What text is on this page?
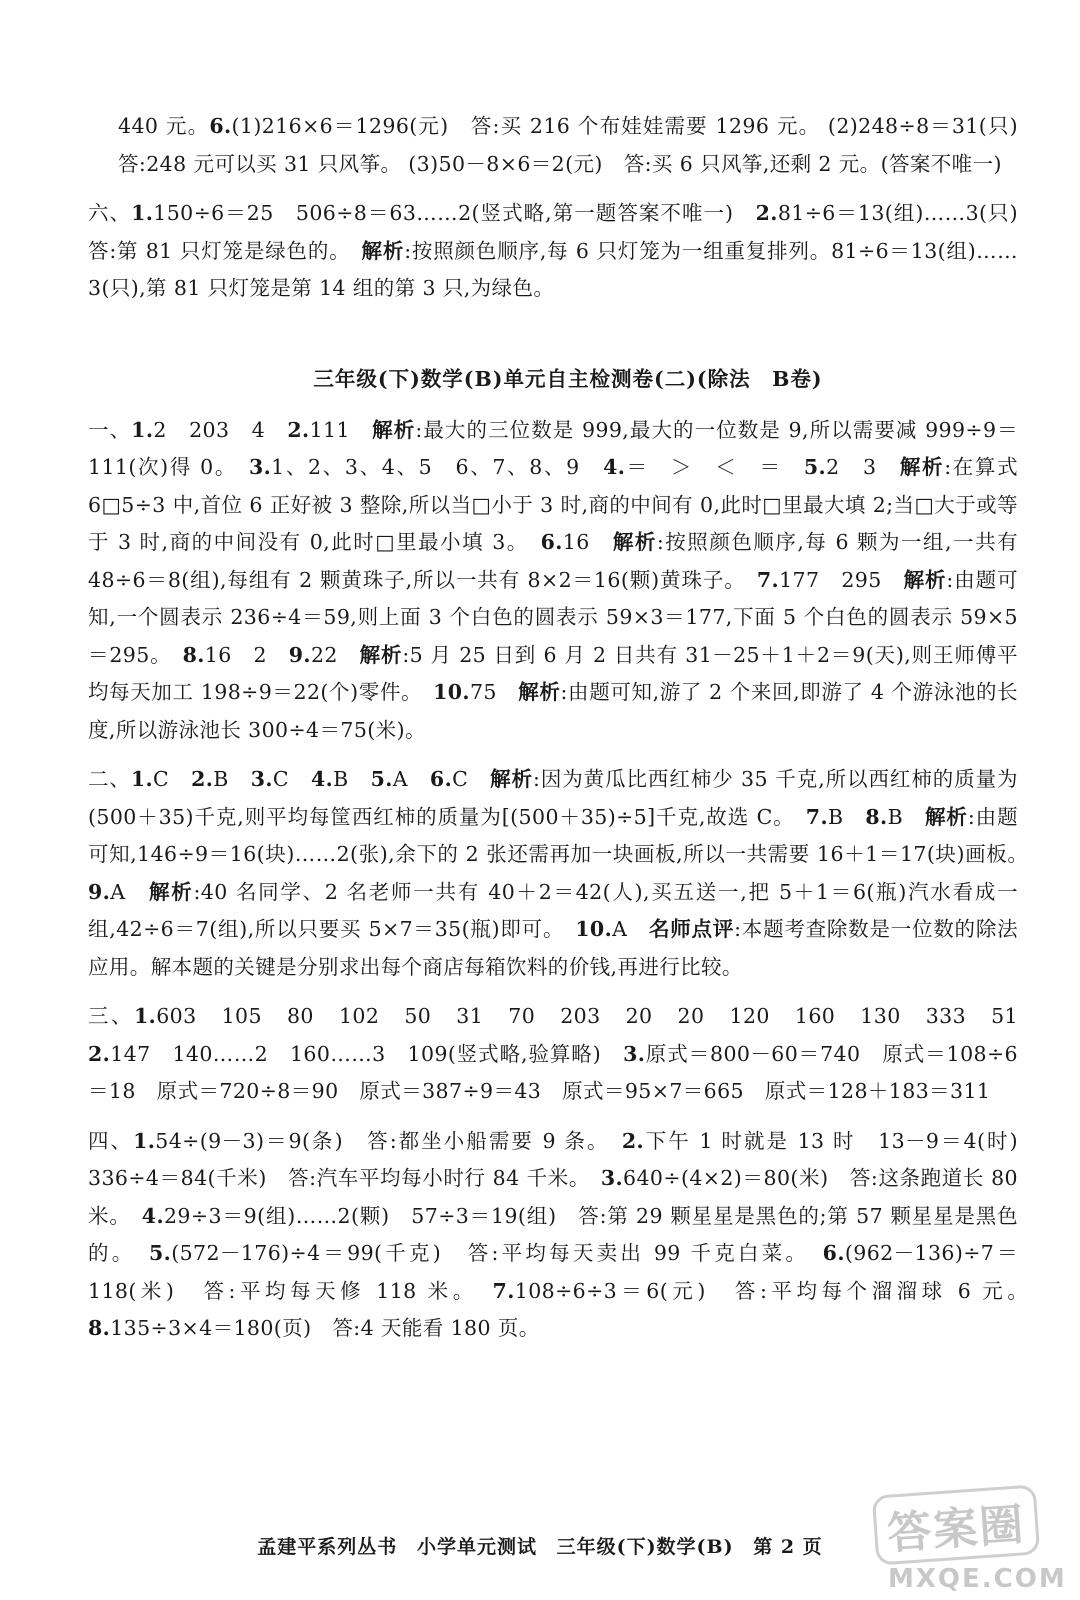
440 元。6.(1)216×6＝1296(元)　答:买 216 个布娃娃需要 1296 元。 (2)248÷8＝31(只)　答:248 元可以买 31 只风筝。 (3)50－8×6＝2(元)　答:买 6 只风筝,还剩 2 元。(答案不唯一)

六、1.150÷6＝25　506÷8＝63……2(竖式略,第一题答案不唯一)　2.81÷6＝13(组)……3(只)　答:第 81 只灯笼是绿色的。　解析:按照颜色顺序,每 6 只灯笼为一组重复排列。81÷6＝13(组)……3(只),第 81 只灯笼是第 14 组的第 3 只,为绿色。

三年级(下)数学(B)单元自主检测卷(二)(除法　B卷)

一、1.2　203　4　2.111　解析:最大的三位数是 999,最大的一位数是 9,所以需要减 999÷9＝111(次)得 0。　3.1、2、3、4、5　6、7、8、9　4.＝　＞　＜　＝　5.2　3　解析:在算式 6□5÷3 中,首位 6 正好被 3 整除,所以当□小于 3 时,商的中间有 0,此时□里最大填 2;当□大于或等于 3 时,商的中间没有 0,此时□里最小填 3。　6.16　解析:按照颜色顺序,每 6 颗为一组,一共有 48÷6＝8(组),每组有 2 颗黄珠子,所以一共有 8×2＝16(颗)黄珠子。　7.177　295　解析:由题可知,一个圆表示 236÷4＝59,则上面 3 个白色的圆表示 59×3＝177,下面 5 个白色的圆表示 59×5＝295。　8.16　2　9.22　解析:5 月 25 日到 6 月 2 日共有 31－25＋1＋2＝9(天),则王师傅平均每天加工 198÷9＝22(个)零件。　10.75　解析:由题可知,游了 2 个来回,即游了 4 个游泳池的长度,所以游泳池长 300÷4＝75(米)。

二、1.C　2.B　3.C　4.B　5.A　6.C　解析:因为黄瓜比西红柿少 35 千克,所以西红柿的质量为(500＋35)千克,则平均每筐西红柿的质量为[(500＋35)÷5]千克,故选 C。　7.B　8.B　解析:由题可知,146÷9＝16(块)……2(张),余下的 2 张还需再加一块画板,所以一共需要 16＋1＝17(块)画板。　9.A　解析:40 名同学、2 名老师一共有 40＋2＝42(人),买五送一,把 5＋1＝6(瓶)汽水看成一组,42÷6＝7(组),所以只要买 5×7＝35(瓶)即可。　10.A　名师点评:本题考查除数是一位数的除法应用。解本题的关键是分别求出每个商店每箱饮料的价钱,再进行比较。

三、1.603　105　80　102　50　31　70　203　20　20　120　160　130　333　51　2.147　140……2　160……3　109(竖式略,验算略)　3.原式＝800－60＝740　原式＝108÷6＝18　原式＝720÷8＝90　原式＝387÷9＝43　原式＝95×7＝665　原式＝128＋183＝311

四、1.54÷(9－3)＝9(条)　答:都坐小船需要 9 条。　2.下午 1 时就是 13 时　13－9＝4(时)　336÷4＝84(千米)　答:汽车平均每小时行 84 千米。　3.640÷(4×2)＝80(米)　答:这条跑道长 80 米。　4.29÷3＝9(组)……2(颗)　57÷3＝19(组)　答:第 29 颗星星是黑色的;第 57 颗星星是黑色的。　5.(572－176)÷4＝99(千克)　答:平均每天卖出 99 千克白菜。　6.(962－136)÷7＝118(米)　答:平均每天修 118 米。　7.108÷6÷3＝6(元)　答:平均每个溜溜球 6 元。　8.135÷3×4＝180(页)　答:4 天能看 180 页。

孟建平系列丛书 小学单元测试 三年级(下)数学(B) 第 2 页	答案圈
MXQE.COM
